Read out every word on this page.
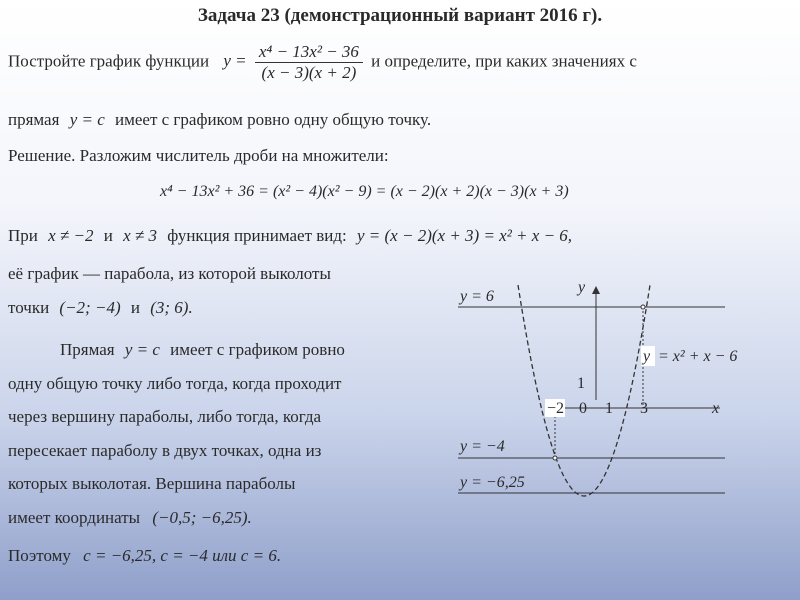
Задача 23 (демонстрационный вариант 2016 г).
Постройте график функции $y = \frac{\text{x⁴ − 13x² − 36}}{(x - 3)(x + 2)}$ и определите, при каких значениях c
прямая y = c имеет с графиком ровно одну общую точку.
Решение. Разложим числитель дроби на множители:
x⁴ − 13x² + 36 = (x² − 4)(x² − 9) = (x − 2)(x + 2)(x − 3)(x + 3)
При x ≠ −2 и x ≠ 3 функция принимает вид: y = (x − 2)(x + 3) = x² + x − 6,
её график — парабола, из которой выколоты
точки (−2; −4) и (3; 6).
Прямая y = c имеет с графиком ровно
одну общую точку либо тогда, когда проходит
через вершину параболы, либо тогда, когда
пересекает параболу в двух точках, одна из
которых выколотая. Вершина параболы
имеет координаты (−0,5; −6,25).
Поэтому c = −6,25, c = −4 или c = 6.
y = 6
y = −4
y = −6,25
y
x
1
−2 0 1 3
y = x² + x − 6
